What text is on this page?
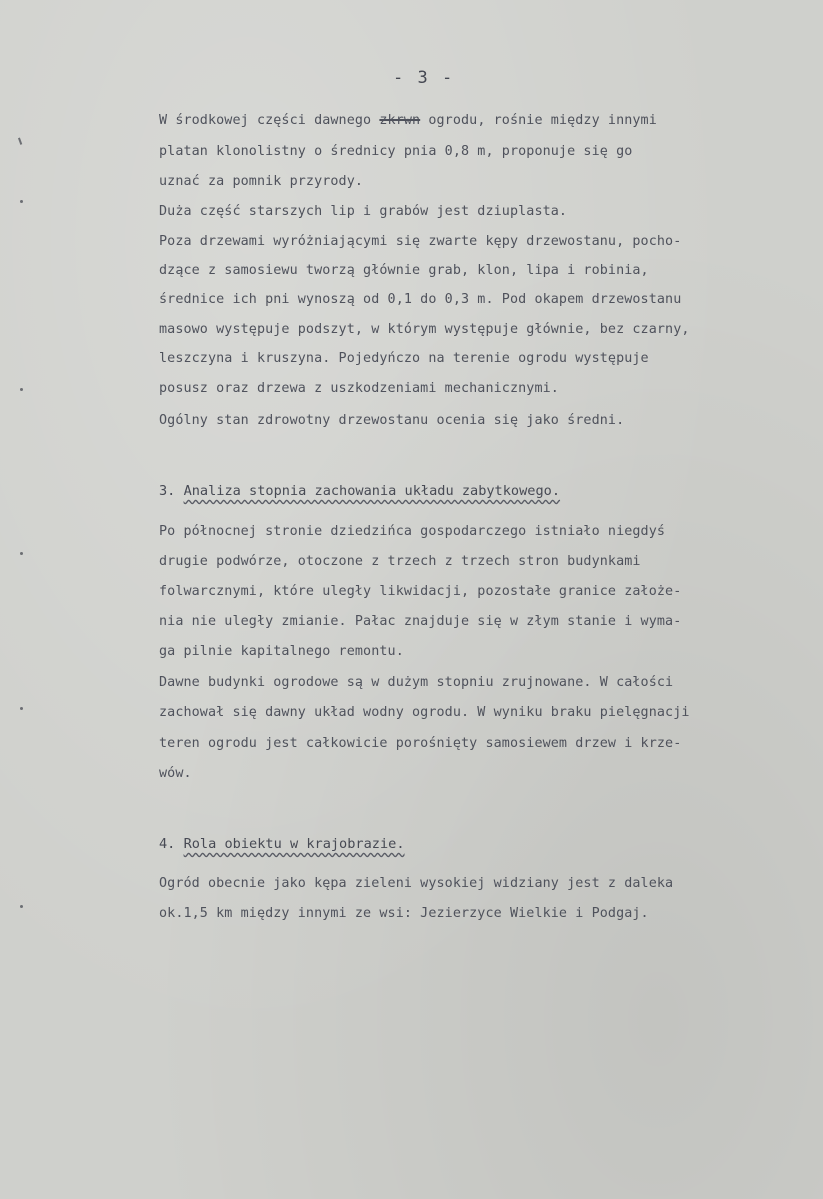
- 3 -
W środkowej części dawnego zkrwn ogrodu, rośnie między innymi
platan klonolistny o średnicy pnia 0,8 m, proponuje się go
uznać za pomnik przyrody.
Duża część starszych lip i grabów jest dziuplasta.
Poza drzewami wyróżniającymi się zwarte kępy drzewostanu, pocho-
dzące z samosiewu tworzą głównie grab, klon, lipa i robinia,
średnice ich pni wynoszą od 0,1 do 0,3 m. Pod okapem drzewostanu
masowo występuje podszyt, w którym występuje głównie, bez czarny,
leszczyna i kruszyna. Pojedyńczo na terenie ogrodu występuje
posusz oraz drzewa z uszkodzeniami mechanicznymi.
Ogólny stan zdrowotny drzewostanu ocenia się jako średni.
3. Analiza stopnia zachowania układu zabytkowego.
Po północnej stronie dziedzińca gospodarczego istniało niegdyś
drugie podwórze, otoczone z trzech z trzech stron budynkami
folwarcznymi, które uległy likwidacji, pozostałe granice założe-
nia nie uległy zmianie. Pałac znajduje się w złym stanie i wyma-
ga pilnie kapitalnego remontu.
Dawne budynki ogrodowe są w dużym stopniu zrujnowane. W całości
zachował się dawny układ wodny ogrodu. W wyniku braku pielęgnacji
teren ogrodu jest całkowicie porośnięty samosiewem drzew i krze-
wów.
4. Rola obiektu w krajobrazie.
Ogród obecnie jako kępa zieleni wysokiej widziany jest z daleka
ok.1,5 km między innymi ze wsi: Jezierzyce Wielkie i Podgaj.
